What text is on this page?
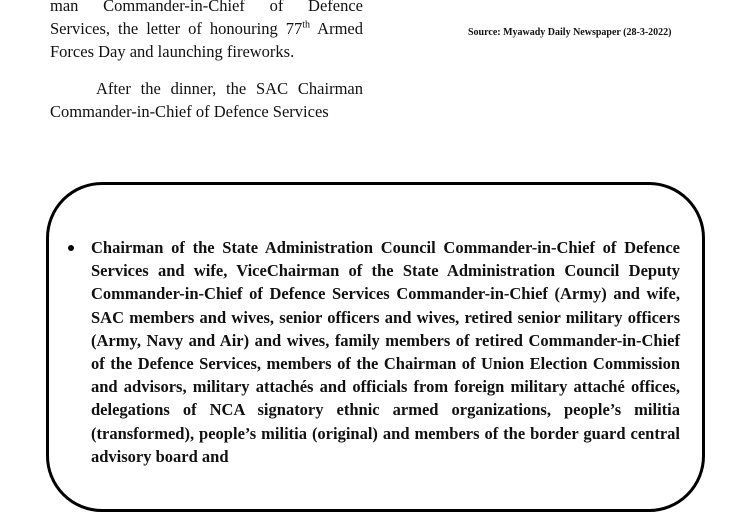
man Commander-in-Chief of Defence Services, the letter of honouring 77th Armed Forces Day and launching fireworks.

After the dinner, the SAC Chairman Commander-in-Chief of Defence Services

Source: Myawady Daily Newspaper (28-3-2022)
Chairman of the State Administration Council Commander-in-Chief of Defence Services and wife, ViceChairman of the State Administration Council Deputy Commander-in-Chief of Defence Services Commander-in-Chief (Army) and wife, SAC members and wives, senior officers and wives, retired senior military officers (Army, Navy and Air) and wives, family members of retired Commander-in-Chief of the Defence Services, members of the Chairman of Union Election Commission and advisors, military attachés and officials from foreign military attaché offices, delegations of NCA signatory ethnic armed organizations, people’s militia (transformed), people’s militia (original) and members of the border guard central advisory board and
